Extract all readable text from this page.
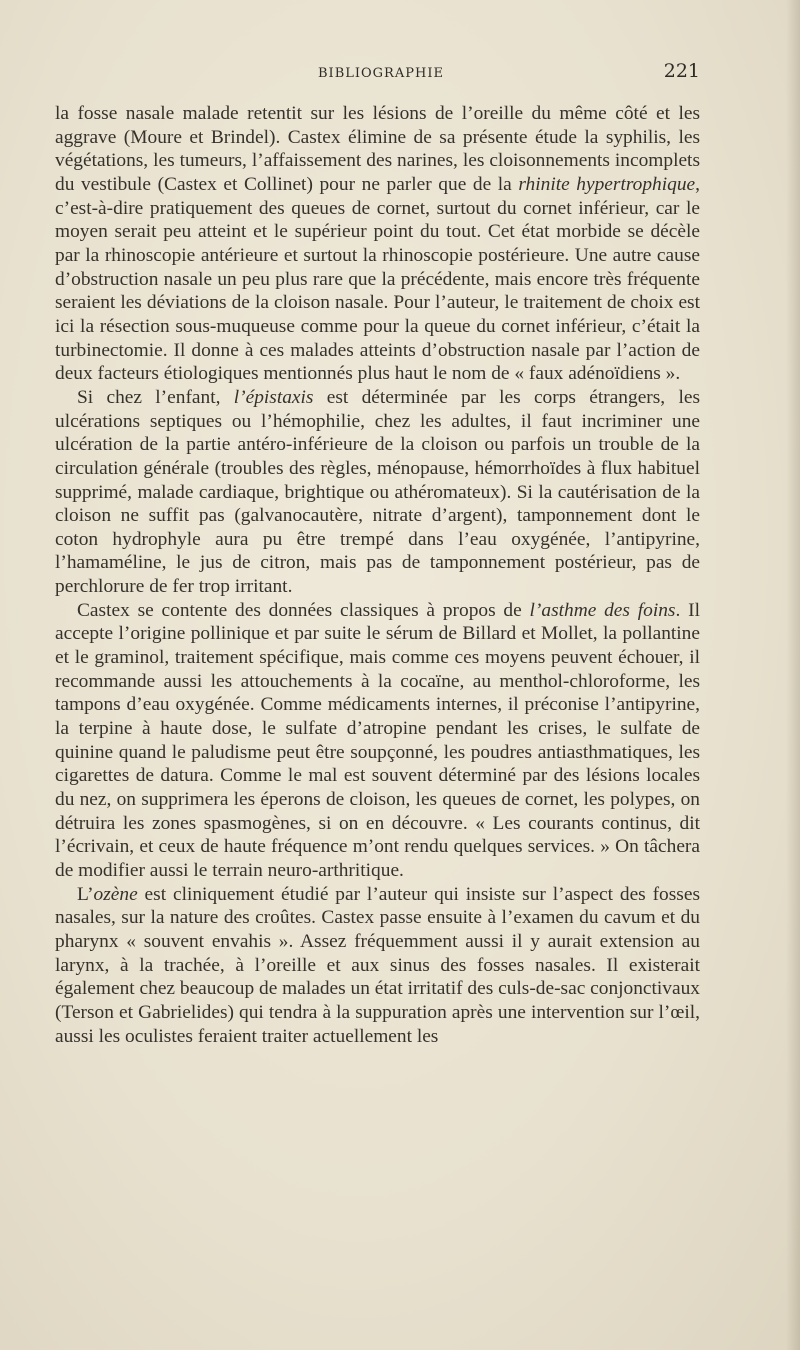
BIBLIOGRAPHIE	221

la fosse nasale malade retentit sur les lésions de l’oreille du même côté et les aggrave (Moure et Brindel). Castex élimine de sa présente étude la syphilis, les végétations, les tumeurs, l’affaissement des narines, les cloisonnements incomplets du vestibule (Castex et Collinet) pour ne parler que de la rhinite hypertrophique, c’est-à-dire pratiquement des queues de cornet, surtout du cornet inférieur, car le moyen serait peu atteint et le supérieur point du tout. Cet état morbide se décèle par la rhinoscopie antérieure et surtout la rhinoscopie postérieure. Une autre cause d’obstruction nasale un peu plus rare que la précédente, mais encore très fréquente seraient les déviations de la cloison nasale. Pour l’auteur, le traitement de choix est ici la résection sous-muqueuse comme pour la queue du cornet inférieur, c’était la turbinectomie. Il donne à ces malades atteints d’obstruction nasale par l’action de deux facteurs étiologiques mentionnés plus haut le nom de « faux adénoïdiens ».

Si chez l’enfant, l’épistaxis est déterminée par les corps étrangers, les ulcérations septiques ou l’hémophilie, chez les adultes, il faut incriminer une ulcération de la partie antéro-inférieure de la cloison ou parfois un trouble de la circulation générale (troubles des règles, ménopause, hémorrhoïdes à flux habituel supprimé, malade cardiaque, brightique ou athéromateux). Si la cautérisation de la cloison ne suffit pas (galvanocautère, nitrate d’argent), tamponnement dont le coton hydrophyle aura pu être trempé dans l’eau oxygénée, l’antipyrine, l’hamaméline, le jus de citron, mais pas de tamponnement postérieur, pas de perchlorure de fer trop irritant.

Castex se contente des données classiques à propos de l’asthme des foins. Il accepte l’origine pollinique et par suite le sérum de Billard et Mollet, la pollantine et le graminol, traitement spécifique, mais comme ces moyens peuvent échouer, il recommande aussi les attouchements à la cocaïne, au menthol-chloroforme, les tampons d’eau oxygénée. Comme médicaments internes, il préconise l’antipyrine, la terpine à haute dose, le sulfate d’atropine pendant les crises, le sulfate de quinine quand le paludisme peut être soupçonné, les poudres antiasthmatiques, les cigarettes de datura. Comme le mal est souvent déterminé par des lésions locales du nez, on supprimera les éperons de cloison, les queues de cornet, les polypes, on détruira les zones spasmogènes, si on en découvre. « Les courants continus, dit l’écrivain, et ceux de haute fréquence m’ont rendu quelques services. » On tâchera de modifier aussi le terrain neuro-arthritique.

L’ozène est cliniquement étudié par l’auteur qui insiste sur l’aspect des fosses nasales, sur la nature des croûtes. Castex passe ensuite à l’examen du cavum et du pharynx « souvent envahis ». Assez fréquemment aussi il y aurait extension au larynx, à la trachée, à l’oreille et aux sinus des fosses nasales. Il existerait également chez beaucoup de malades un état irritatif des culs-de-sac conjonctivaux (Terson et Gabrielides) qui tendra à la suppuration après une intervention sur l’œil, aussi les oculistes feraient traiter actuellement les
